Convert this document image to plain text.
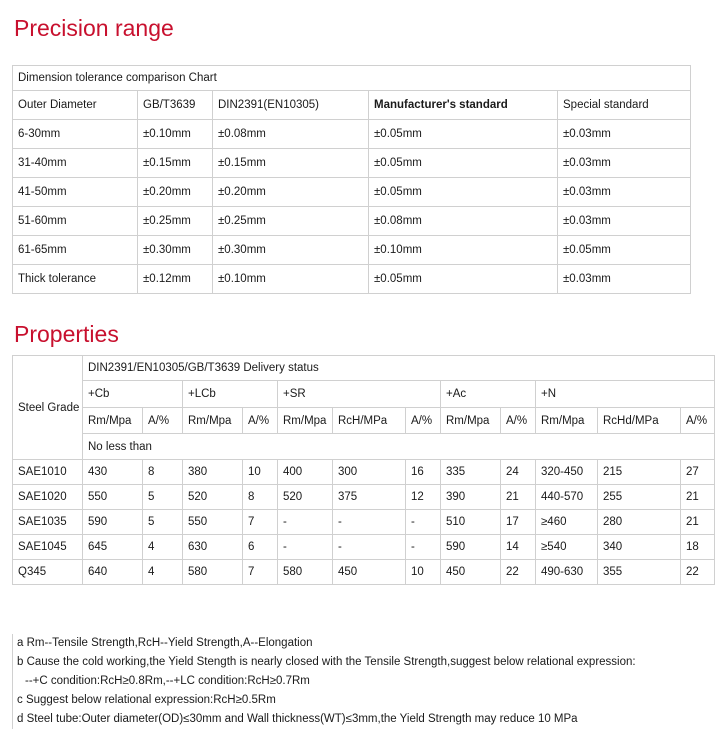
Precision range
Dimension tolerance comparison Chart				
Outer Diameter	GB/T3639	DIN2391(EN10305)	Manufacturer's standard	Special standard
6-30mm	±0.10mm	±0.08mm	±0.05mm	±0.03mm
31-40mm	±0.15mm	±0.15mm	±0.05mm	±0.03mm
41-50mm	±0.20mm	±0.20mm	±0.05mm	±0.03mm
51-60mm	±0.25mm	±0.25mm	±0.08mm	±0.03mm
61-65mm	±0.30mm	±0.30mm	±0.10mm	±0.05mm
Thick tolerance	±0.12mm	±0.10mm	±0.05mm	±0.03mm
Properties
Steel Grade	DIN2391/EN10305/GB/T3639 Delivery status											
	+Cb		+LCb		+SR			+Ac		+N		
	Rm/Mpa	A/%	Rm/Mpa	A/%	Rm/Mpa	RcH/MPa	A/%	Rm/Mpa	A/%	Rm/Mpa	RcHd/MPa	A/%
	No less than											
SAE1010	430	8	380	10	400	300	16	335	24	320-450	215	27
SAE1020	550	5	520	8	520	375	12	390	21	440-570	255	21
SAE1035	590	5	550	7	-	-	-	510	17	≥460	280	21
SAE1045	645	4	630	6	-	-	-	590	14	≥540	340	18
Q345	640	4	580	7	580	450	10	450	22	490-630	355	22
a Rm--Tensile Strength,RcH--Yield Strength,A--Elongation
b Cause the cold working,the Yield Stength is nearly closed with the Tensile Strength,suggest below relational expression:
--+C condition:RcH≥0.8Rm,--+LC condition:RcH≥0.7Rm
c Suggest below relational expression:RcH≥0.5Rm
d Steel tube:Outer diameter(OD)≤30mm and Wall thickness(WT)≤3mm,the Yield Strength may reduce 10 MPa
